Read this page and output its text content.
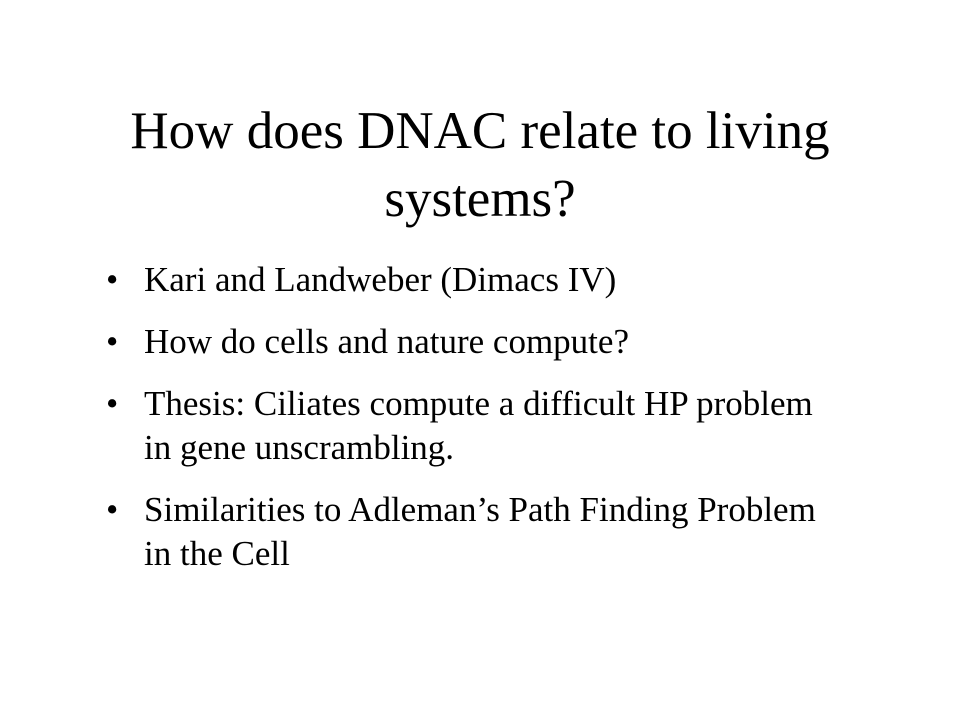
How does DNAC relate to living systems?
• Kari and Landweber (Dimacs IV)
• How do cells and nature compute?
• Thesis: Ciliates compute a difficult HP problem in gene unscrambling.
• Similarities to Adleman’s Path Finding Problem in the Cell
